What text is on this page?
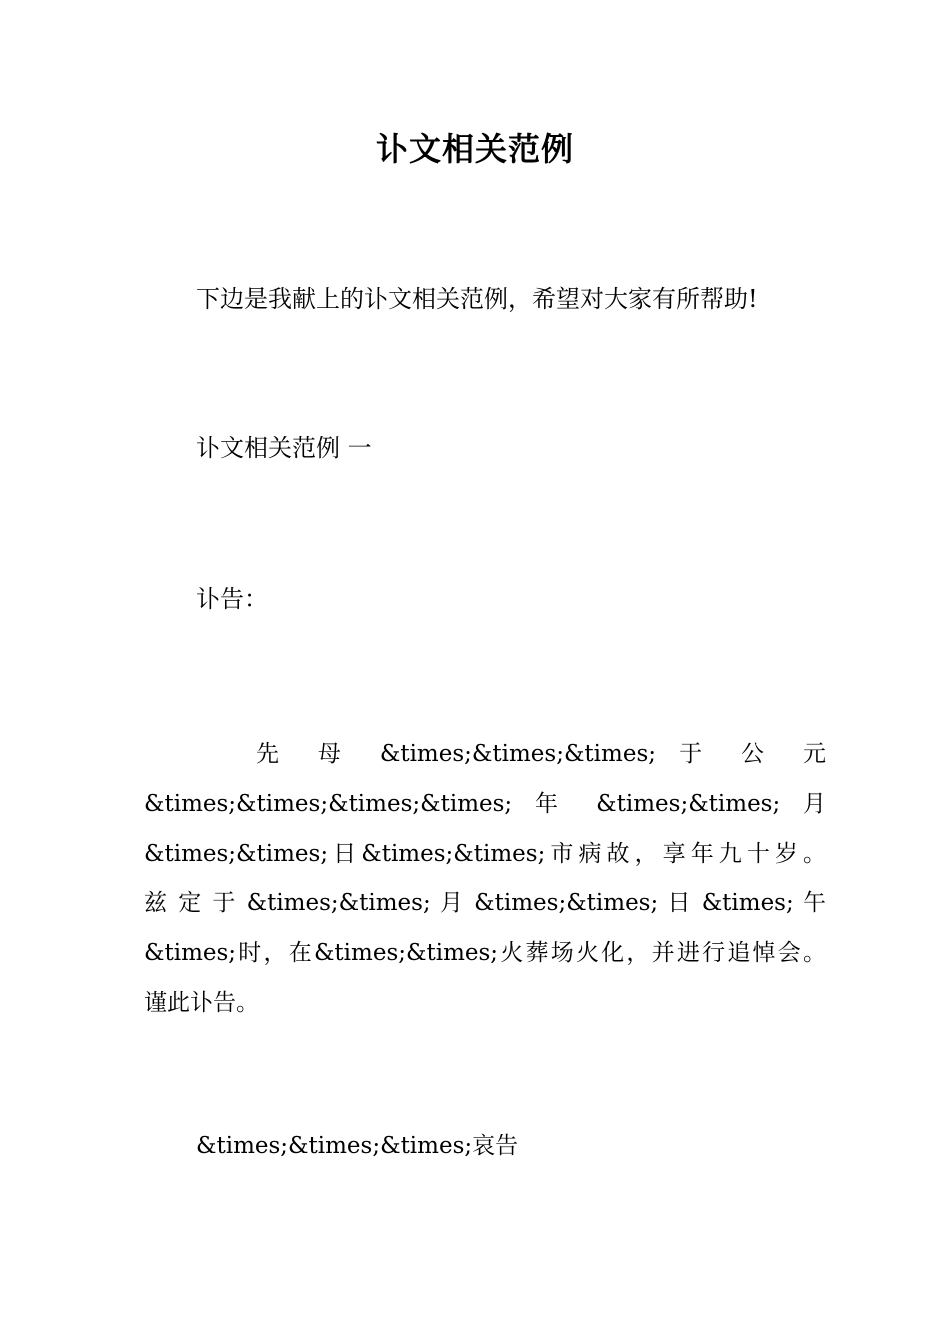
讣文相关范例
下边是我献上的讣文相关范例，希望对大家有所帮助!
讣文相关范例 一
讣告：
先 母 &times;&times;&times; 于 公 元
&times;&times;&times;&times; 年 &times;&times; 月
&times;&times;日&times;&times;市病故，享年九十岁。
兹 定 于 &times;&times; 月 &times;&times; 日 &times; 午
&times;时，在&times;&times;火葬场火化，并进行追悼会。
谨此讣告。
&times;&times;&times;哀告
